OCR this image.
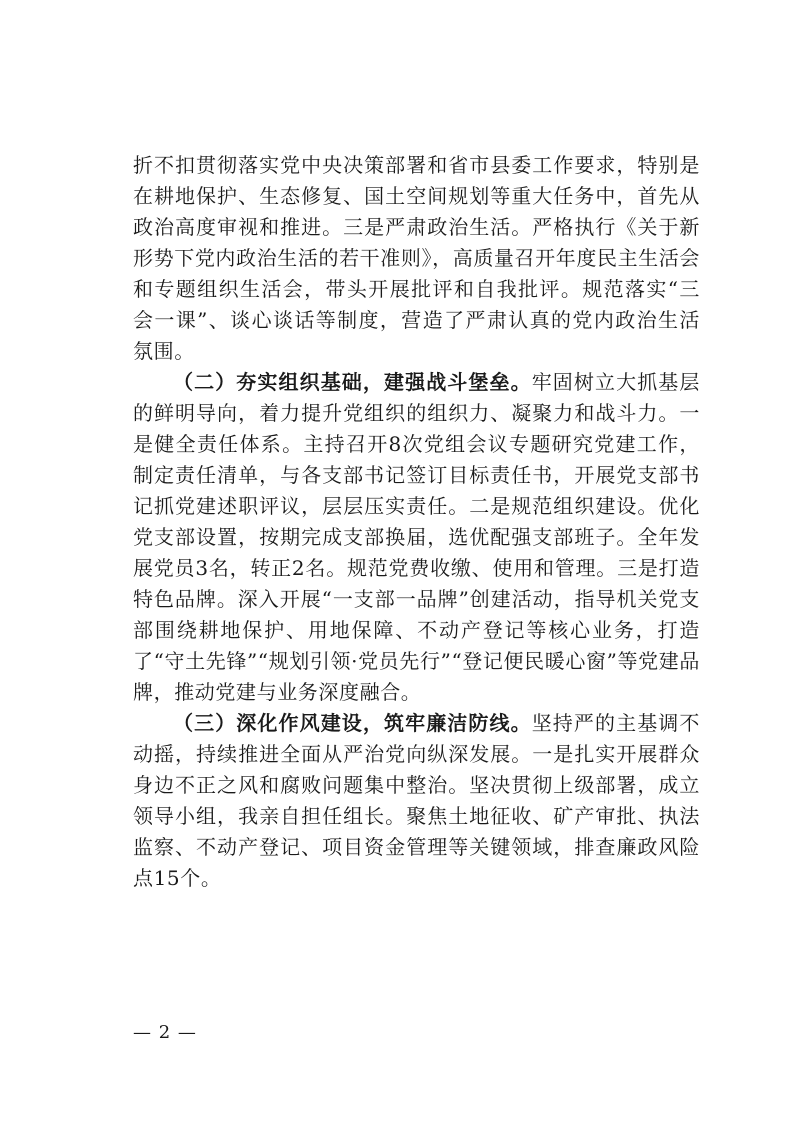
折不扣贯彻落实党中央决策部署和省市县委工作要求，特别是在耕地保护、生态修复、国土空间规划等重大任务中，首先从政治高度审视和推进。三是严肃政治生活。严格执行《关于新形势下党内政治生活的若干准则》，高质量召开年度民主生活会和专题组织生活会，带头开展批评和自我批评。规范落实“三会一课”、谈心谈话等制度，营造了严肃认真的党内政治生活氛围。

（二）夯实组织基础，建强战斗堡垒。牢固树立大抓基层的鲜明导向，着力提升党组织的组织力、凝聚力和战斗力。一是健全责任体系。主持召开8次党组会议专题研究党建工作，制定责任清单，与各支部书记签订目标责任书，开展党支部书记抓党建述职评议，层层压实责任。二是规范组织建设。优化党支部设置，按期完成支部换届，选优配强支部班子。全年发展党员3名，转正2名。规范党费收缴、使用和管理。三是打造特色品牌。深入开展“一支部一品牌”创建活动，指导机关党支部围绕耕地保护、用地保障、不动产登记等核心业务，打造了“守土先锋”“规划引领·党员先行”“登记便民暖心窗”等党建品牌，推动党建与业务深度融合。

（三）深化作风建设，筑牢廉洁防线。坚持严的主基调不动摇，持续推进全面从严治党向纵深发展。一是扎实开展群众身边不正之风和腐败问题集中整治。坚决贯彻上级部署，成立领导小组，我亲自担任组长。聚焦土地征收、矿产审批、执法监察、不动产登记、项目资金管理等关键领域，排查廉政风险点15个。

— 2 —
